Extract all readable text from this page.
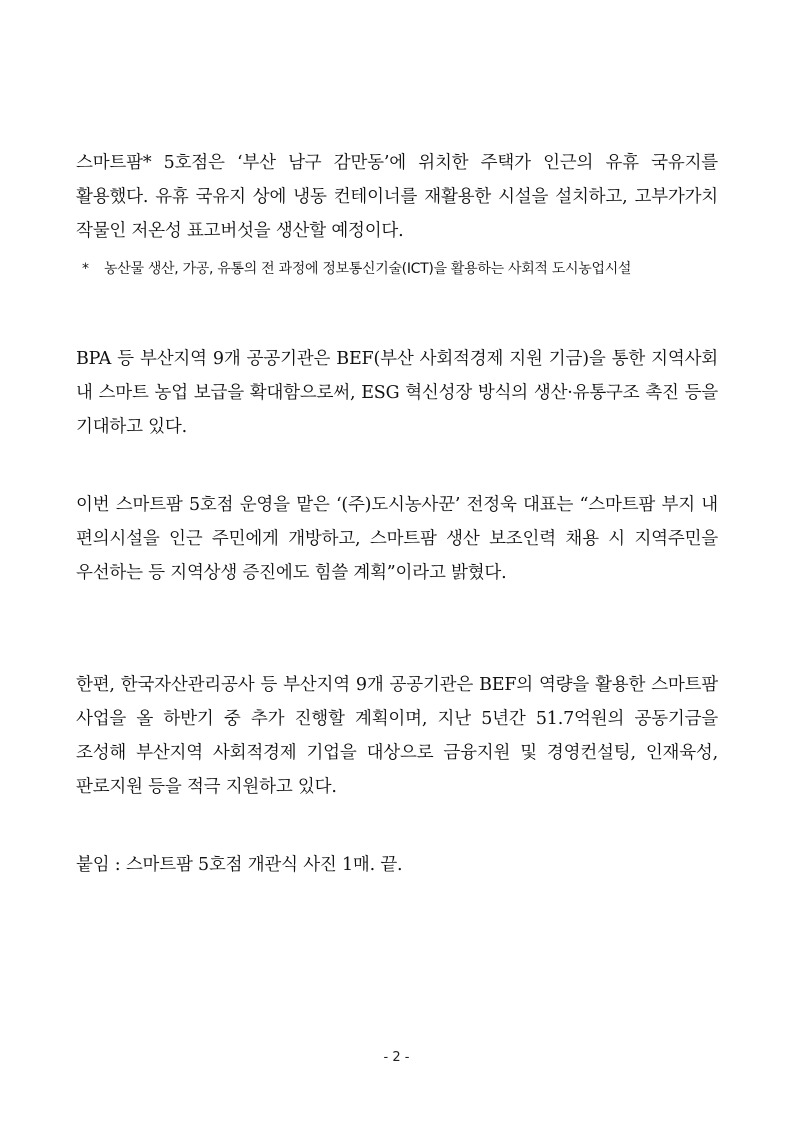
스마트팜* 5호점은 ‘부산 남구 감만동’에 위치한 주택가 인근의 유휴 국유지를 활용했다. 유휴 국유지 상에 냉동 컨테이너를 재활용한 시설을 설치하고, 고부가가치 작물인 저온성 표고버섯을 생산할 예정이다.

* 농산물 생산, 가공, 유통의 전 과정에 정보통신기술(ICT)을 활용하는 사회적 도시농업시설

BPA 등 부산지역 9개 공공기관은 BEF(부산 사회적경제 지원 기금)을 통한 지역사회 내 스마트 농업 보급을 확대함으로써, ESG 혁신성장 방식의 생산·유통구조 촉진 등을 기대하고 있다.

이번 스마트팜 5호점 운영을 맡은 ‘(주)도시농사꾼’ 전정욱 대표는 “스마트팜 부지 내 편의시설을 인근 주민에게 개방하고, 스마트팜 생산 보조인력 채용 시 지역주민을 우선하는 등 지역상생 증진에도 힘쓸 계획”이라고 밝혔다.

한편, 한국자산관리공사 등 부산지역 9개 공공기관은 BEF의 역량을 활용한 스마트팜 사업을 올 하반기 중 추가 진행할 계획이며, 지난 5년간 51.7억원의 공동기금을 조성해 부산지역 사회적경제 기업을 대상으로 금융지원 및 경영컨설팅, 인재육성, 판로지원 등을 적극 지원하고 있다.

붙임 : 스마트팜 5호점 개관식 사진 1매. 끝.

- 2 -
